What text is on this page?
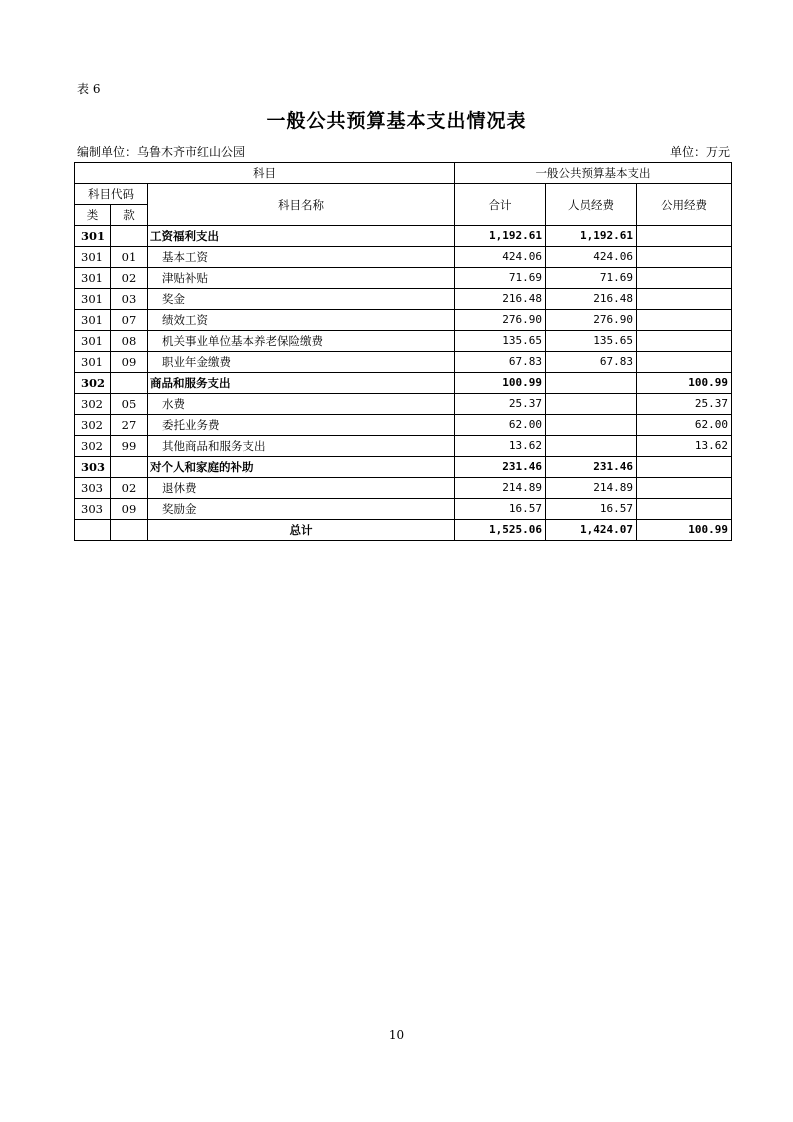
表 6
一般公共预算基本支出情况表
编制单位：乌鲁木齐市红山公园	单位：万元
科目			一般公共预算基本支出		
科目代码		科目名称	合计	人员经费	公用经费
类	款				
301		工资福利支出	1,192.61	1,192.61	
301	01	基本工资	424.06	424.06	
301	02	津贴补贴	71.69	71.69	
301	03	奖金	216.48	216.48	
301	07	绩效工资	276.90	276.90	
301	08	机关事业单位基本养老保险缴费	135.65	135.65	
301	09	职业年金缴费	67.83	67.83	
302		商品和服务支出	100.99		100.99
302	05	水费	25.37		25.37
302	27	委托业务费	62.00		62.00
302	99	其他商品和服务支出	13.62		13.62
303		对个人和家庭的补助	231.46	231.46	
303	02	退休费	214.89	214.89	
303	09	奖励金	16.57	16.57	
		总计	1,525.06	1,424.07	100.99
10
